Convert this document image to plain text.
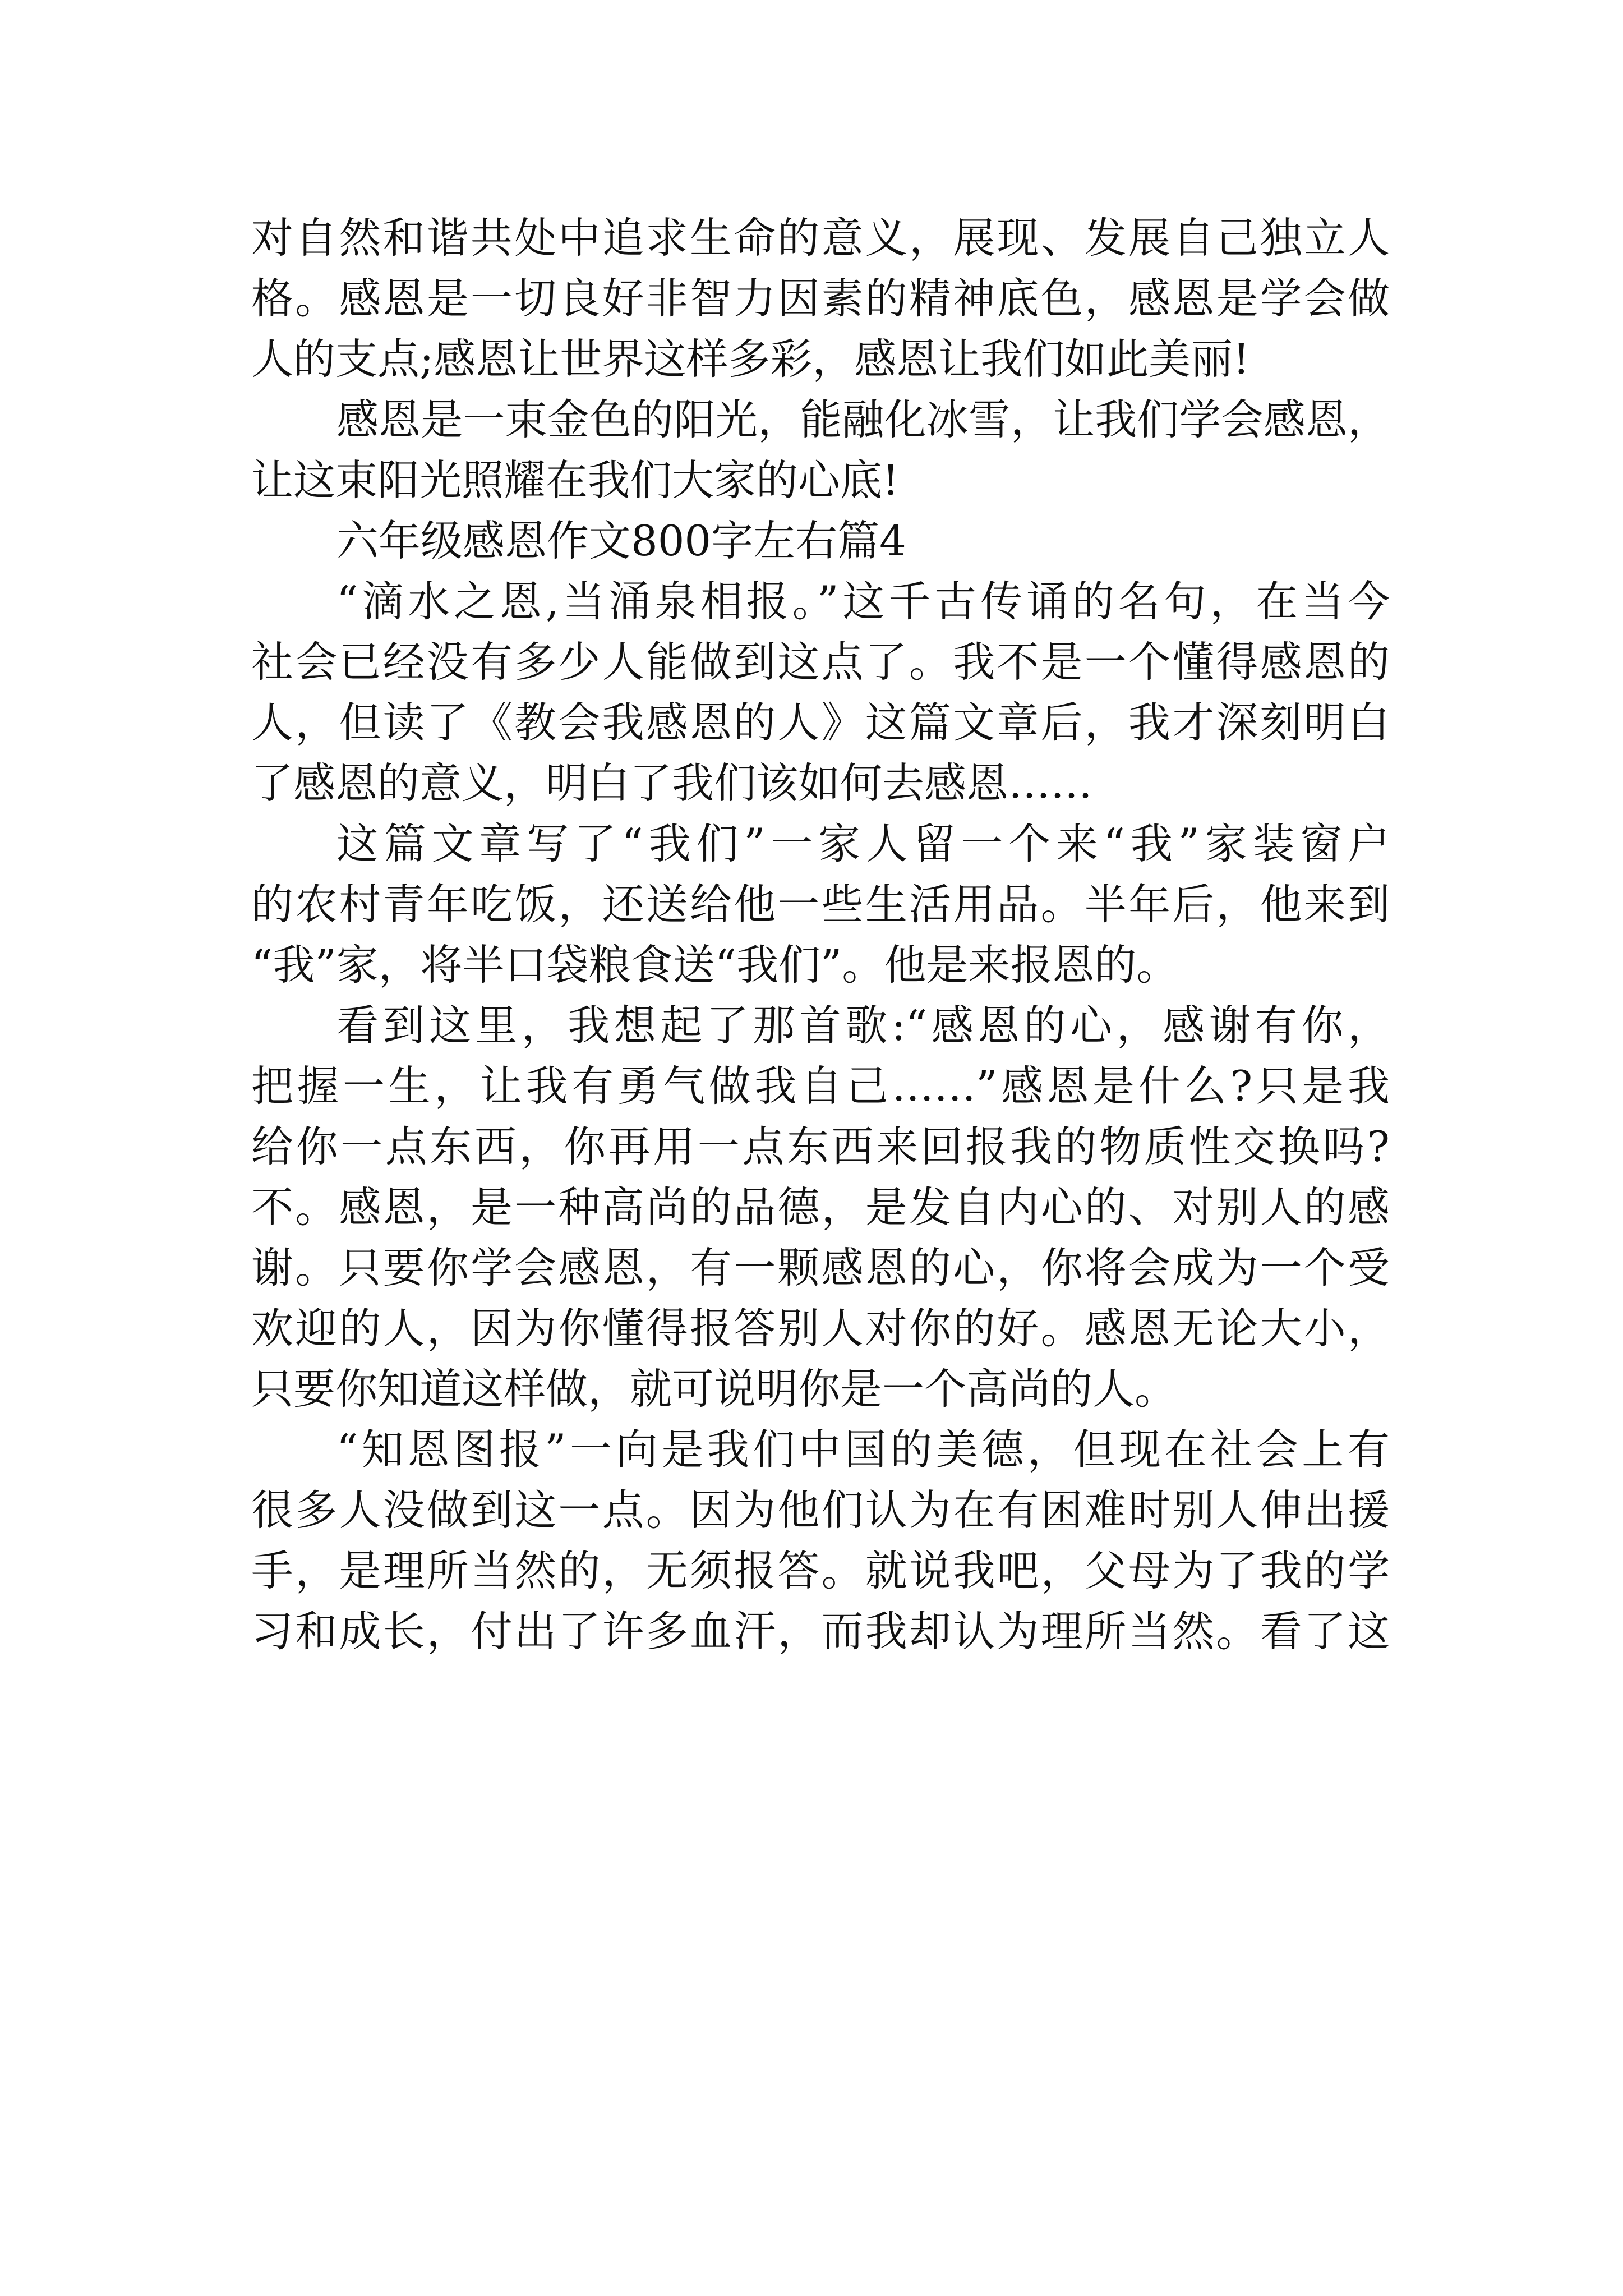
对自然和谐共处中追求生命的意义，展现、发展自己独立人
格。感恩是一切良好非智力因素的精神底色，感恩是学会做
人的支点;感恩让世界这样多彩，感恩让我们如此美丽!
感恩是一束金色的阳光，能融化冰雪，让我们学会感恩，
让这束阳光照耀在我们大家的心底!
六年级感恩作文800字左右篇4
“滴水之恩,当涌泉相报。”这千古传诵的名句，在当今
社会已经没有多少人能做到这点了。我不是一个懂得感恩的
人，但读了《教会我感恩的人》这篇文章后，我才深刻明白
了感恩的意义，明白了我们该如何去感恩……
这篇文章写了“我们”一家人留一个来“我”家装窗户
的农村青年吃饭，还送给他一些生活用品。半年后，他来到
“我”家，将半口袋粮食送“我们”。他是来报恩的。
看到这里，我想起了那首歌:“感恩的心，感谢有你，
把握一生，让我有勇气做我自己……”感恩是什么?只是我
给你一点东西，你再用一点东西来回报我的物质性交换吗?
不。感恩，是一种高尚的品德，是发自内心的、对别人的感
谢。只要你学会感恩，有一颗感恩的心，你将会成为一个受
欢迎的人，因为你懂得报答别人对你的好。感恩无论大小，
只要你知道这样做，就可说明你是一个高尚的人。
“知恩图报”一向是我们中国的美德，但现在社会上有
很多人没做到这一点。因为他们认为在有困难时别人伸出援
手，是理所当然的，无须报答。就说我吧，父母为了我的学
习和成长，付出了许多血汗，而我却认为理所当然。看了这
